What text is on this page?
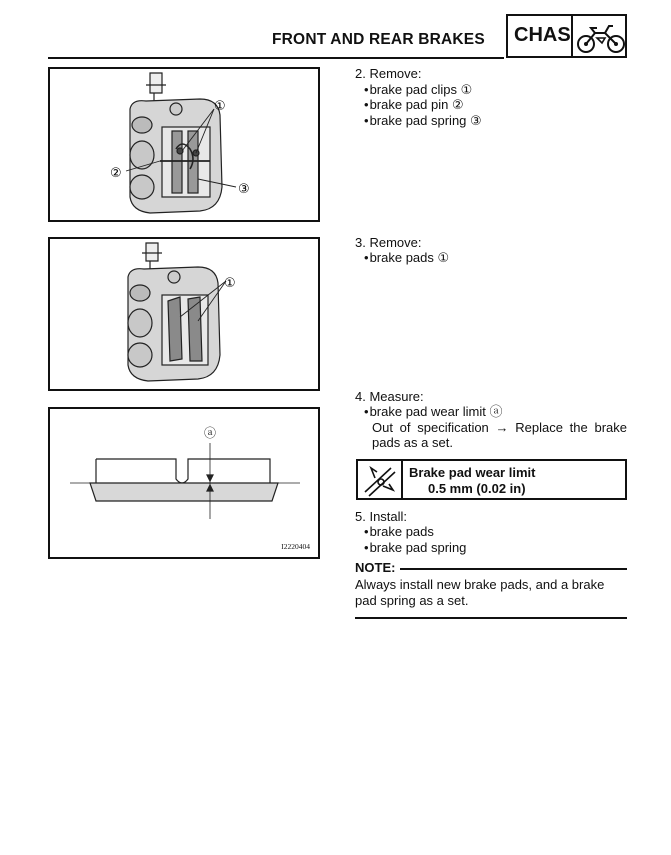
FRONT AND REAR BRAKES CHAS
①
②
③
①
ⓐ
I2220404
2. Remove:
• brake pad clips ①
• brake pad pin ②
• brake pad spring ③
3. Remove:
• brake pads ①
4. Measure:
• brake pad wear limit ⓐ
Out of specification → Replace the brake
pads as a set.
Brake pad wear limit
0.5 mm (0.02 in)
5. Install:
• brake pads
• brake pad spring
NOTE:
Always install new brake pads, and a brake pad spring as a set.
